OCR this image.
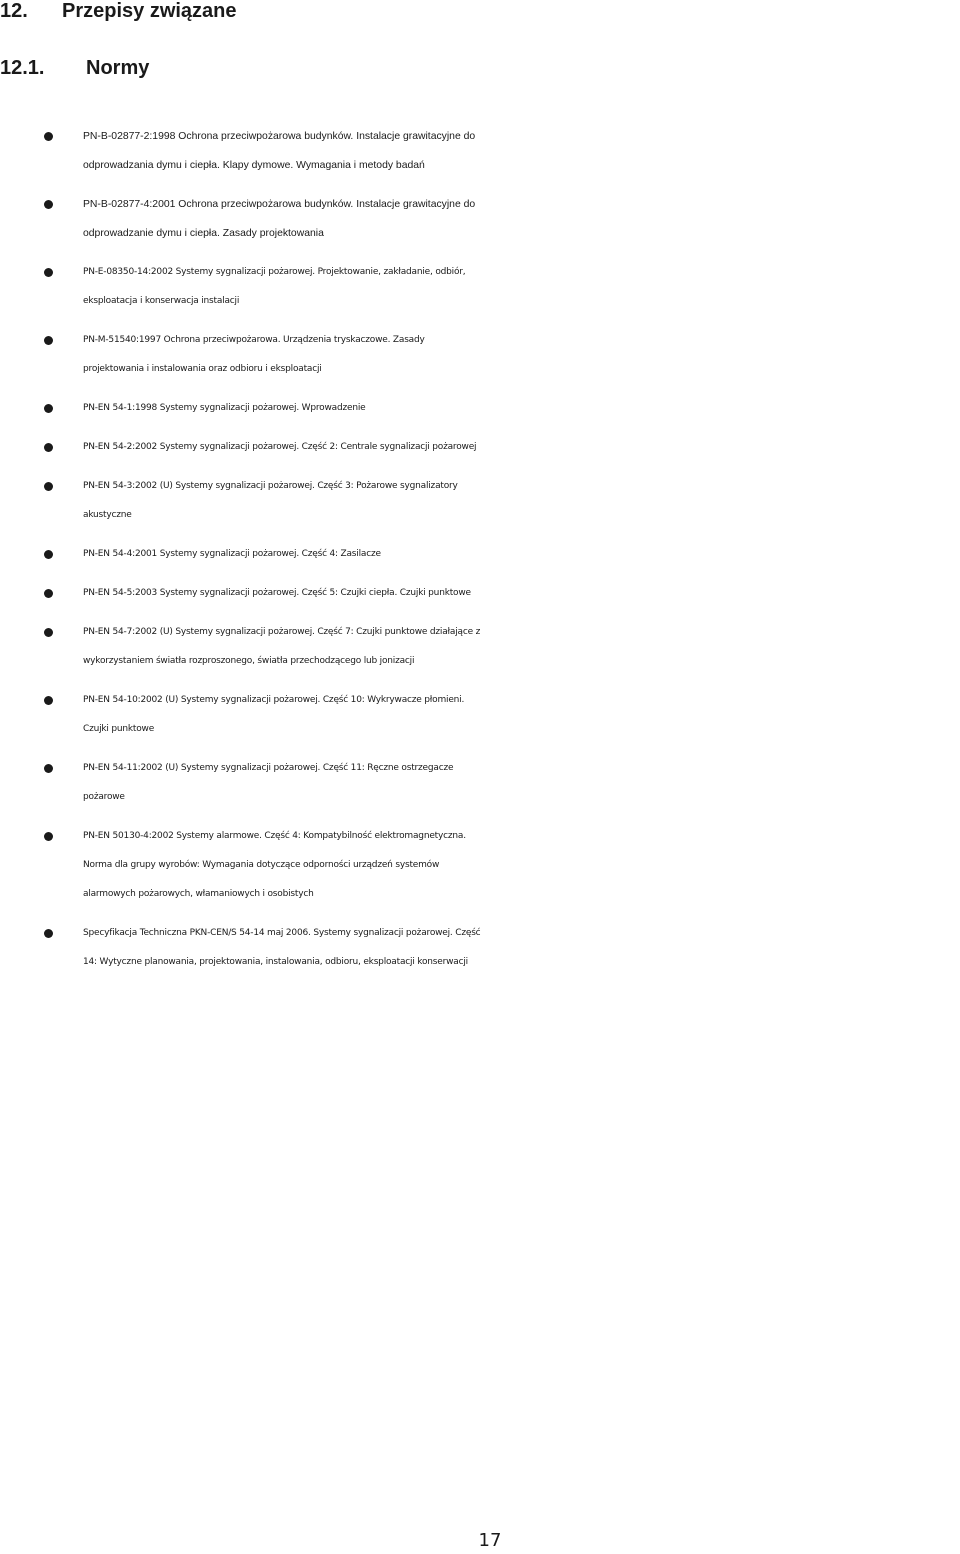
12. Przepisy związane
12.1. Normy
PN-B-02877-2:1998 Ochrona przeciwpożarowa budynków. Instalacje grawitacyjne do
odprowadzania dymu i ciepła. Klapy dymowe. Wymagania i metody badań
PN-B-02877-4:2001 Ochrona przeciwpożarowa budynków. Instalacje grawitacyjne do
odprowadzanie dymu i ciepła. Zasady projektowania
PN-E-08350-14:2002 Systemy sygnalizacji pożarowej. Projektowanie, zakładanie, odbiór,
eksploatacja i konserwacja instalacji
PN-M-51540:1997 Ochrona przeciwpożarowa. Urządzenia tryskaczowe. Zasady
projektowania i instalowania oraz odbioru i eksploatacji
PN-EN 54-1:1998 Systemy sygnalizacji pożarowej. Wprowadzenie
PN-EN 54-2:2002 Systemy sygnalizacji pożarowej. Część 2: Centrale sygnalizacji pożarowej
PN-EN 54-3:2002 (U) Systemy sygnalizacji pożarowej. Część 3: Pożarowe sygnalizatory
akustyczne
PN-EN 54-4:2001 Systemy sygnalizacji pożarowej. Część 4: Zasilacze
PN-EN 54-5:2003 Systemy sygnalizacji pożarowej. Część 5: Czujki ciepła. Czujki punktowe
PN-EN 54-7:2002 (U) Systemy sygnalizacji pożarowej. Część 7: Czujki punktowe działające z
wykorzystaniem światła rozproszonego, światła przechodzącego lub jonizacji
PN-EN 54-10:2002 (U) Systemy sygnalizacji pożarowej. Część 10: Wykrywacze płomieni.
Czujki punktowe
PN-EN 54-11:2002 (U) Systemy sygnalizacji pożarowej. Część 11: Ręczne ostrzegacze
pożarowe
PN-EN 50130-4:2002 Systemy alarmowe. Część 4: Kompatybilność elektromagnetyczna.
Norma dla grupy wyrobów: Wymagania dotyczące odporności urządzeń systemów
alarmowych pożarowych, włamaniowych i osobistych
Specyfikacja Techniczna PKN-CEN/S 54-14 maj 2006. Systemy sygnalizacji pożarowej. Część
14: Wytyczne planowania, projektowania, instalowania, odbioru, eksploatacji konserwacji
17
